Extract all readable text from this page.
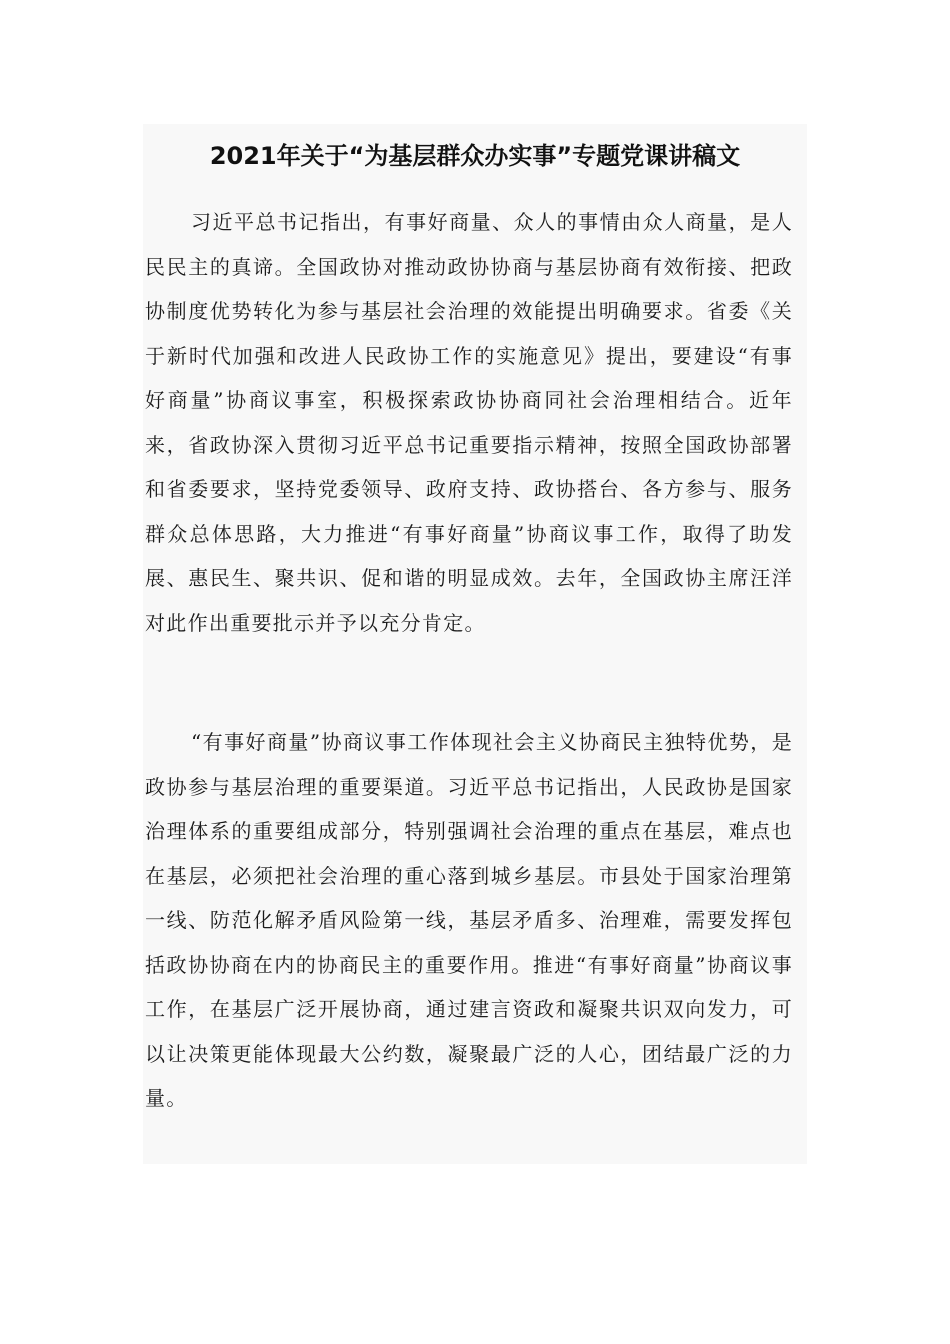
2021年关于“为基层群众办实事”专题党课讲稿文

习近平总书记指出，有事好商量、众人的事情由众人商量，是人民民主的真谛。全国政协对推动政协协商与基层协商有效衔接、把政协制度优势转化为参与基层社会治理的效能提出明确要求。省委《关于新时代加强和改进人民政协工作的实施意见》提出，要建设“有事好商量”协商议事室，积极探索政协协商同社会治理相结合。近年来，省政协深入贯彻习近平总书记重要指示精神，按照全国政协部署和省委要求，坚持党委领导、政府支持、政协搭台、各方参与、服务群众总体思路，大力推进“有事好商量”协商议事工作，取得了助发展、惠民生、聚共识、促和谐的明显成效。去年，全国政协主席汪洋对此作出重要批示并予以充分肯定。

“有事好商量”协商议事工作体现社会主义协商民主独特优势，是政协参与基层治理的重要渠道。习近平总书记指出，人民政协是国家治理体系的重要组成部分，特别强调社会治理的重点在基层，难点也在基层，必须把社会治理的重心落到城乡基层。市县处于国家治理第一线、防范化解矛盾风险第一线，基层矛盾多、治理难，需要发挥包括政协协商在内的协商民主的重要作用。推进“有事好商量”协商议事工作，在基层广泛开展协商，通过建言资政和凝聚共识双向发力，可以让决策更能体现最大公约数，凝聚最广泛的人心，团结最广泛的力量。
